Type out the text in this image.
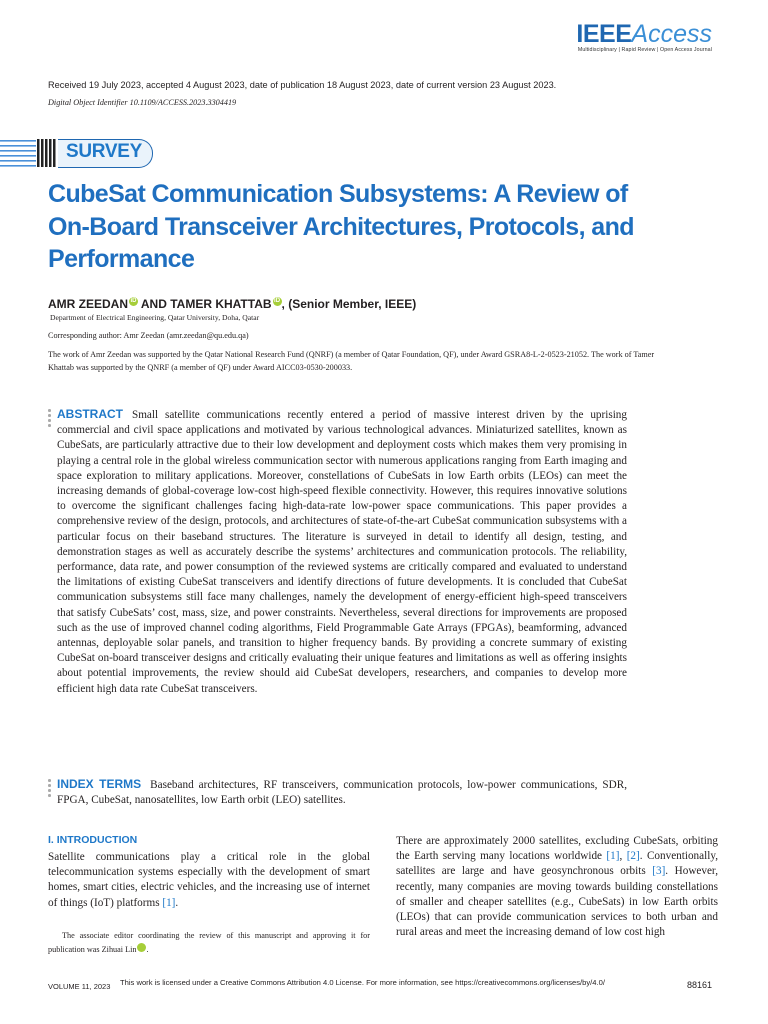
IEEEAccess
Multidisciplinary | Rapid Review | Open Access Journal
Received 19 July 2023, accepted 4 August 2023, date of publication 18 August 2023, date of current version 23 August 2023.
Digital Object Identifier 10.1109/ACCESS.2023.3304419
SURVEY
CubeSat Communication Subsystems: A Review of On-Board Transceiver Architectures, Protocols, and Performance
AMR ZEEDAN iD AND TAMER KHATTAB iD , (Senior Member, IEEE)
Department of Electrical Engineering, Qatar University, Doha, Qatar
Corresponding author: Amr Zeedan (amr.zeedan@qu.edu.qa)
The work of Amr Zeedan was supported by the Qatar National Research Fund (QNRF) (a member of Qatar Foundation, QF), under Award GSRA8-L-2-0523-21052. The work of Tamer Khattab was supported by the QNRF (a member of QF) under Award AICC03-0530-200033.
ABSTRACT Small satellite communications recently entered a period of massive interest driven by the uprising commercial and civil space applications and motivated by various technological advances. Miniaturized satellites, known as CubeSats, are particularly attractive due to their low development and deployment costs which makes them very promising in playing a central role in the global wireless communication sector with numerous applications ranging from Earth imaging and space exploration to military applications. Moreover, constellations of CubeSats in low Earth orbits (LEOs) can meet the increasing demands of global-coverage low-cost high-speed flexible connectivity. However, this requires innovative solutions to overcome the significant challenges facing high-data-rate low-power space communications. This paper provides a comprehensive review of the design, protocols, and architectures of state-of-the-art CubeSat communication subsystems with a particular focus on their baseband structures. The literature is surveyed in detail to identify all design, testing, and demonstration stages as well as accurately describe the systems’ architectures and communication protocols. The reliability, performance, data rate, and power consumption of the reviewed systems are critically compared and evaluated to understand the limitations of existing CubeSat transceivers and identify directions of future developments. It is concluded that CubeSat communication subsystems still face many challenges, namely the development of energy-efficient high-speed transceivers that satisfy CubeSats’ cost, mass, size, and power constraints. Nevertheless, several directions for improvements are proposed such as the use of improved channel coding algorithms, Field Programmable Gate Arrays (FPGAs), beamforming, advanced antennas, deployable solar panels, and transition to higher frequency bands. By providing a concrete summary of existing CubeSat on-board transceiver designs and critically evaluating their unique features and limitations as well as offering insights about potential improvements, the review should aid CubeSat developers, researchers, and companies to develop more efficient high data rate CubeSat transceivers.
INDEX TERMS Baseband architectures, RF transceivers, communication protocols, low-power communications, SDR, FPGA, CubeSat, nanosatellites, low Earth orbit (LEO) satellites.
I. INTRODUCTION
Satellite communications play a critical role in the global telecommunication systems especially with the development of smart homes, smart cities, electric vehicles, and the increasing use of internet of things (IoT) platforms [1].
The associate editor coordinating the review of this manuscript and approving it for publication was Zihuai Lin	iD.
There are approximately 2000 satellites, excluding CubeSats, orbiting the Earth serving many locations worldwide [1], [2]. Conventionally, satellites are large and have geosynchronous orbits [3]. However, recently, many companies are moving towards building constellations of smaller and cheaper satellites (e.g., CubeSats) in low Earth orbits (LEOs) that can provide communication services to both urban and rural areas and meet the increasing demand of low cost high
VOLUME 11, 2023 This work is licensed under a Creative Commons Attribution 4.0 License. For more information, see https://creativecommons.org/licenses/by/4.0/	88161
